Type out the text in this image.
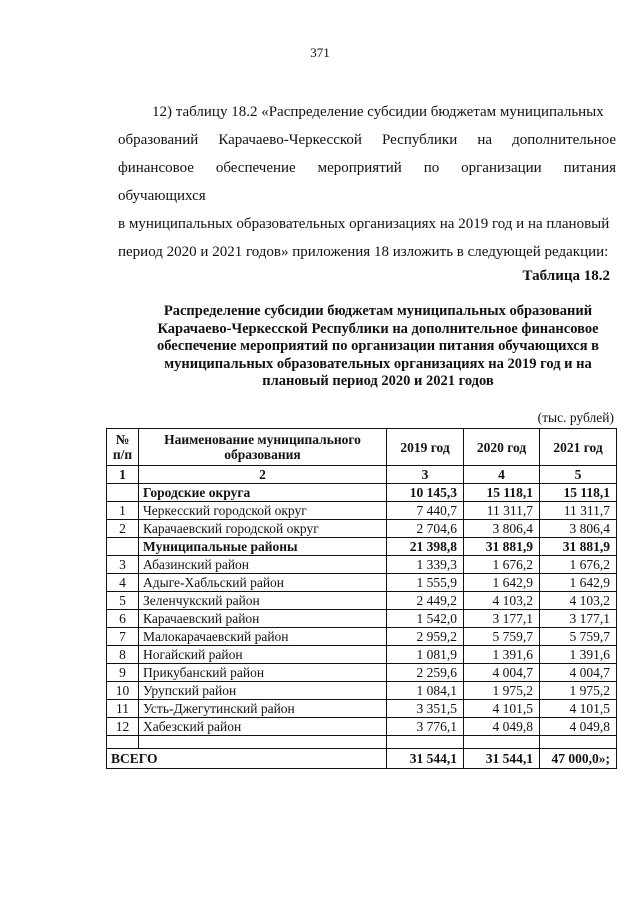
371

12) таблицу 18.2 «Распределение субсидии бюджетам муниципальных

образований Карачаево-Черкесской Республики на дополнительное

финансовое обеспечение мероприятий по организации питания обучающихся

в муниципальных образовательных организациях на 2019 год и на плановый

период 2020 и 2021 годов» приложения 18 изложить в следующей редакции:

Таблица 18.2
Распределение субсидии бюджетам муниципальных образований
Карачаево-Черкесской Республики на дополнительное финансовое
обеспечение мероприятий по организации питания обучающихся в
муниципальных образовательных организациях на 2019 год и на
плановый период 2020 и 2021 годов
(тыс. рублей)
№ п/п	Наименование муниципального образования	2019 год	2020 год	2021 год
1	2	3	4	5
	Городские округа	10 145,3	15 118,1	15 118,1
1	Черкесский городской округ	7 440,7	11 311,7	11 311,7
2	Карачаевский городской округ	2 704,6	3 806,4	3 806,4
	Муниципальные районы	21 398,8	31 881,9	31 881,9
3	Абазинский район	1 339,3	1 676,2	1 676,2
4	Адыге-Хабльский район	1 555,9	1 642,9	1 642,9
5	Зеленчукский район	2 449,2	4 103,2	4 103,2
6	Карачаевский район	1 542,0	3 177,1	3 177,1
7	Малокарачаевский район	2 959,2	5 759,7	5 759,7
8	Ногайский район	1 081,9	1 391,6	1 391,6
9	Прикубанский район	2 259,6	4 004,7	4 004,7
10	Урупский район	1 084,1	1 975,2	1 975,2
11	Усть-Джегутинский район	3 351,5	4 101,5	4 101,5
12	Хабезский район	3 776,1	4 049,8	4 049,8

ВСЕГО		31 544,1	31 544,1	47 000,0»;
